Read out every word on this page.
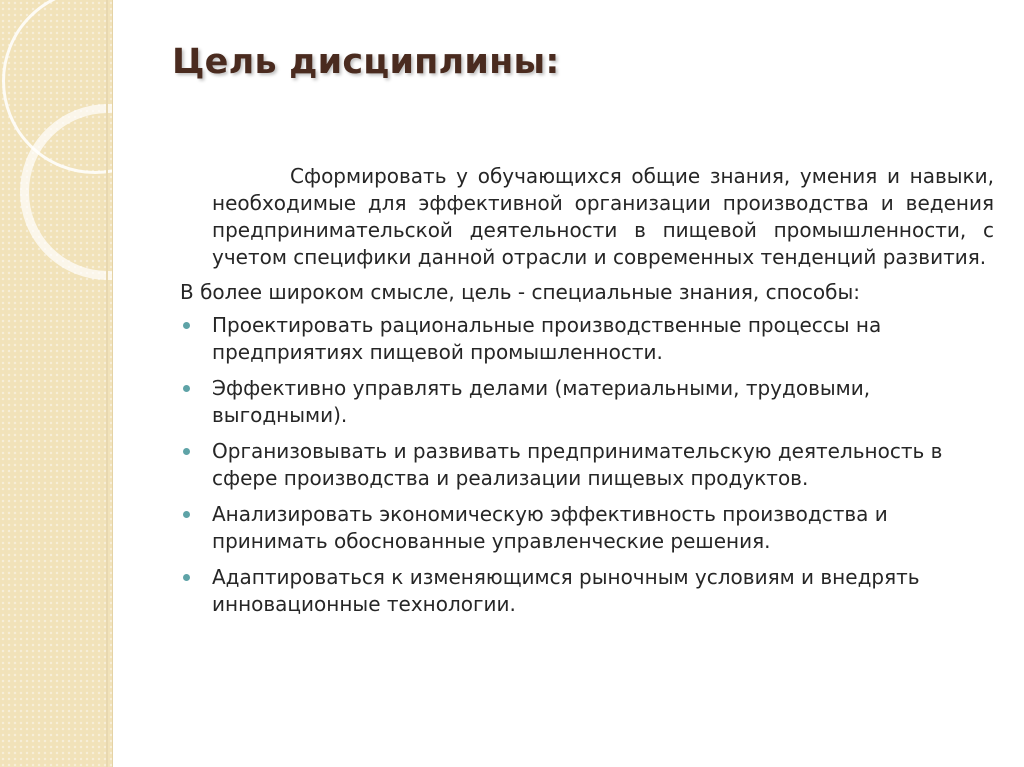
Цель дисциплины:

Сформировать у обучающихся общие знания, умения и навыки, необходимые для эффективной организации производства и ведения предпринимательской деятельности в пищевой промышленности, с учетом специфики данной отрасли и современных тенденций развития.

В более широком смысле, цель - специальные знания, способы:

Проектировать рациональные производственные процессы на предприятиях пищевой промышленности.
Эффективно управлять делами (материальными, трудовыми, выгодными).
Организовывать и развивать предпринимательскую деятельность в сфере производства и реализации пищевых продуктов.
Анализировать экономическую эффективность производства и принимать обоснованные управленческие решения.
Адаптироваться к изменяющимся рыночным условиям и внедрять инновационные технологии.
